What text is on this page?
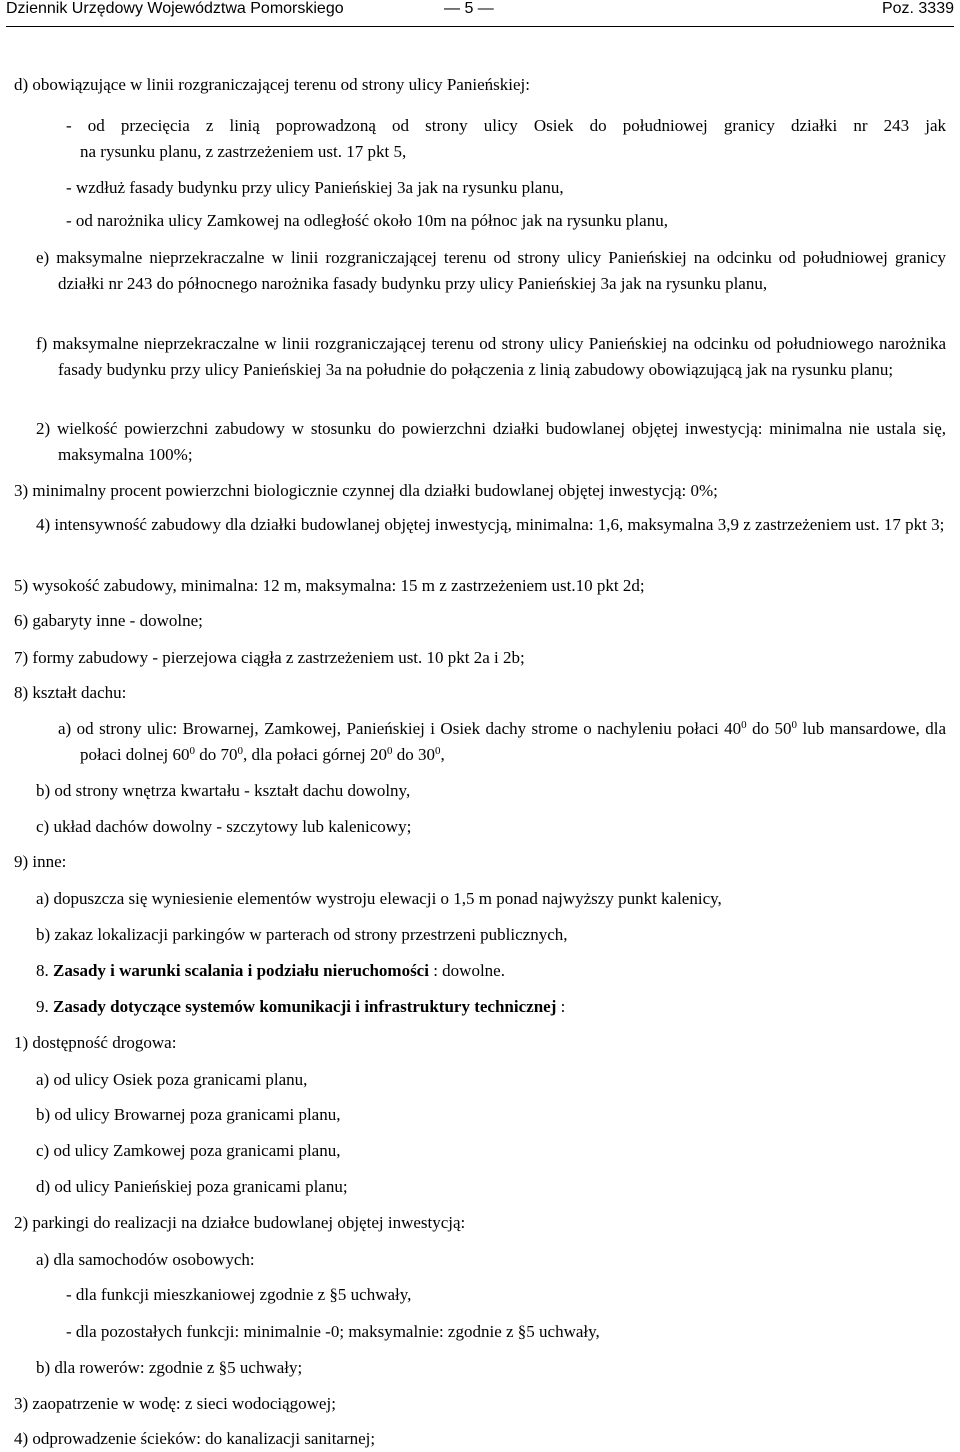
Dziennik Urzędowy Województwa Pomorskiego	— 5 —	Poz. 3339
d) obowiązujące w linii rozgraniczającej terenu od strony ulicy Panieńskiej:
- od przecięcia z linią poprowadzoną od strony ulicy Osiek do południowej granicy działki nr 243 jak
na rysunku planu, z zastrzeżeniem ust. 17 pkt 5,
- wzdłuż fasady budynku przy ulicy Panieńskiej 3a jak na rysunku planu,
- od narożnika ulicy Zamkowej na odległość około 10m na północ jak na rysunku planu,
e) maksymalne nieprzekraczalne w linii rozgraniczającej terenu od strony ulicy Panieńskiej na odcinku od południowej granicy działki nr 243 do północnego narożnika fasady budynku przy ulicy Panieńskiej 3a jak na rysunku planu,
f) maksymalne nieprzekraczalne w linii rozgraniczającej terenu od strony ulicy Panieńskiej na odcinku od południowego narożnika fasady budynku przy ulicy Panieńskiej 3a na południe do połączenia z linią zabudowy obowiązującą jak na rysunku planu;
2) wielkość powierzchni zabudowy w stosunku do powierzchni działki budowlanej objętej inwestycją: minimalna nie ustala się, maksymalna 100%;
3) minimalny procent powierzchni biologicznie czynnej dla działki budowlanej objętej inwestycją: 0%;
4) intensywność zabudowy dla działki budowlanej objętej inwestycją, minimalna: 1,6, maksymalna 3,9 z zastrzeżeniem ust. 17 pkt 3;
5) wysokość zabudowy, minimalna: 12 m, maksymalna: 15 m z zastrzeżeniem ust.10 pkt 2d;
6) gabaryty inne - dowolne;
7) formy zabudowy - pierzejowa ciągła z zastrzeżeniem ust. 10 pkt 2a i 2b;
8) kształt dachu:
a) od strony ulic: Browarnej, Zamkowej, Panieńskiej i Osiek dachy strome o nachyleniu połaci $40^0$ do $50^0$ lub mansardowe, dla połaci dolnej $60^0$ do $70^0$, dla połaci górnej $20^0$ do $30^0$,
b) od strony wnętrza kwartału - kształt dachu dowolny,
c) układ dachów dowolny - szczytowy lub kalenicowy;
9) inne:
a) dopuszcza się wyniesienie elementów wystroju elewacji o 1,5 m ponad najwyższy punkt kalenicy,
b) zakaz lokalizacji parkingów w parterach od strony przestrzeni publicznych,
8. Zasady i warunki scalania i podziału nieruchomości : dowolne.
9. Zasady dotyczące systemów komunikacji i infrastruktury technicznej :
1) dostępność drogowa:
a) od ulicy Osiek poza granicami planu,
b) od ulicy Browarnej poza granicami planu,
c) od ulicy Zamkowej poza granicami planu,
d) od ulicy Panieńskiej poza granicami planu;
2) parkingi do realizacji na działce budowlanej objętej inwestycją:
a) dla samochodów osobowych:
- dla funkcji mieszkaniowej zgodnie z §5 uchwały,
- dla pozostałych funkcji: minimalnie -0; maksymalnie: zgodnie z §5 uchwały,
b) dla rowerów: zgodnie z §5 uchwały;
3) zaopatrzenie w wodę: z sieci wodociągowej;
4) odprowadzenie ścieków: do kanalizacji sanitarnej;
